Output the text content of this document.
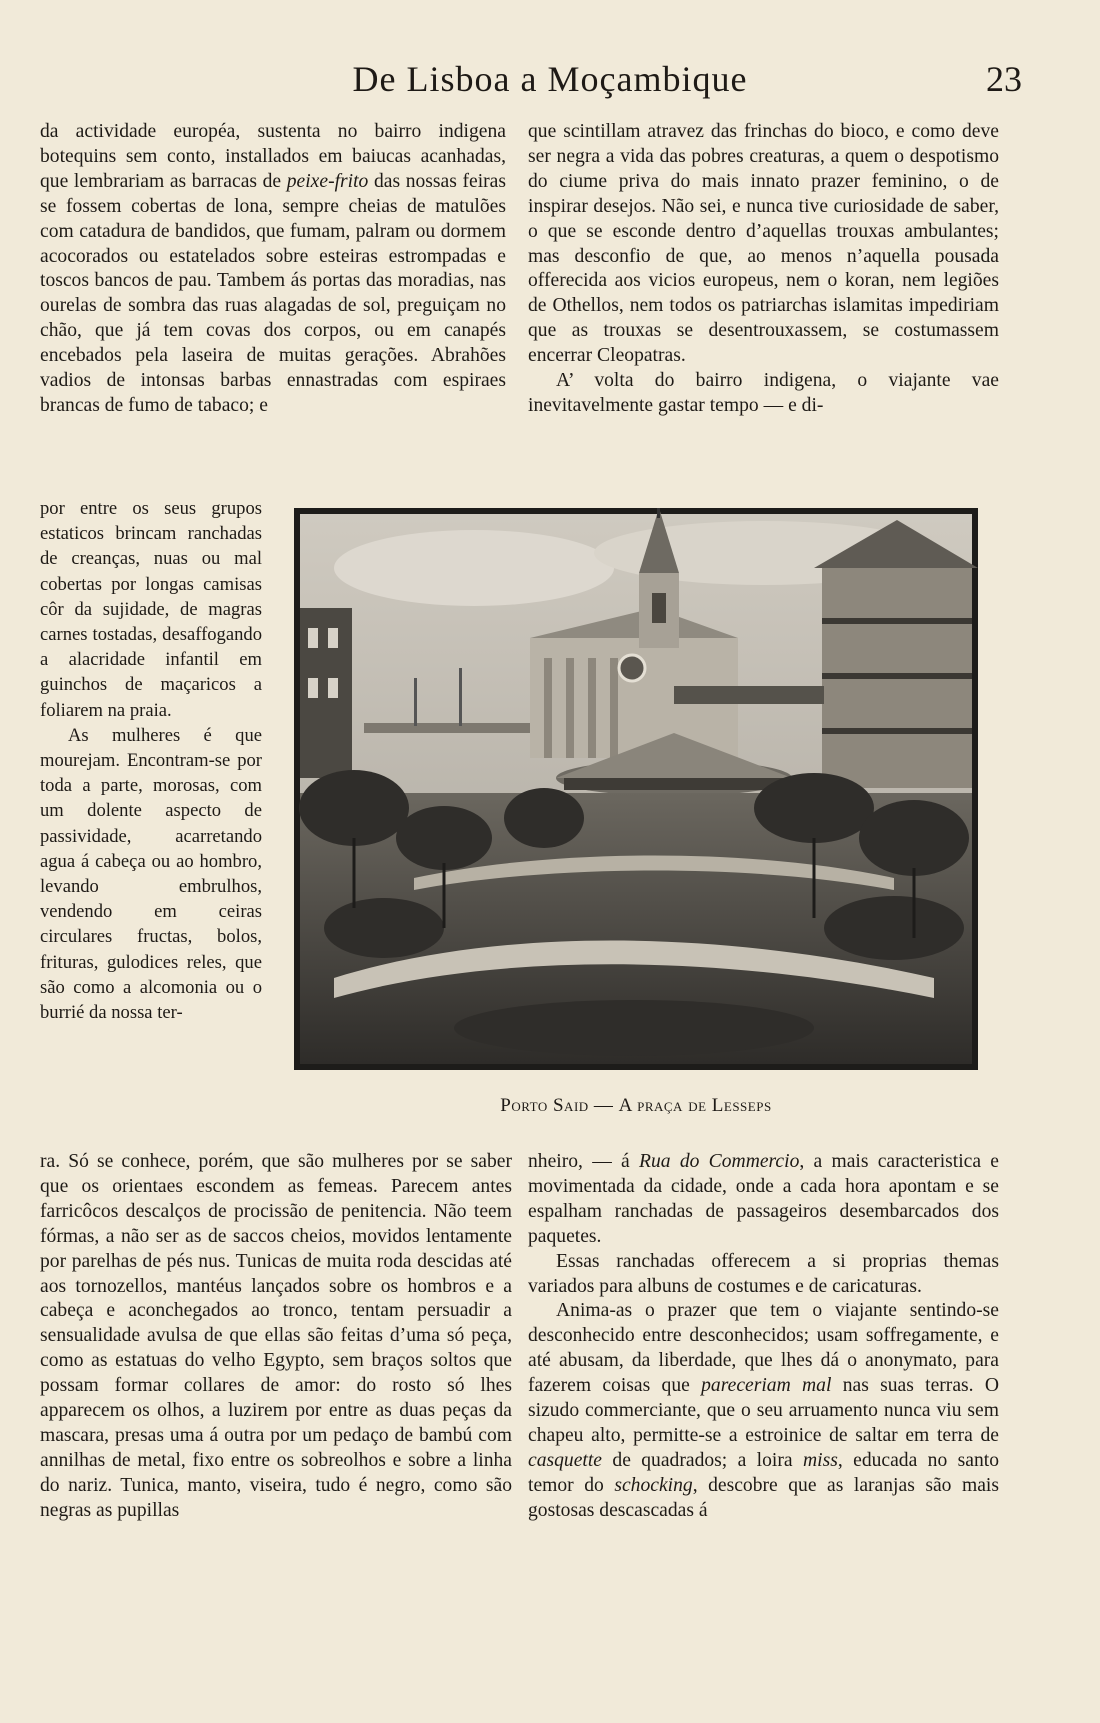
De Lisboa a Moçambique	23

da actividade européa, sustenta no bairro indigena botequins sem conto, installados em baiucas acanhadas, que lembrariam as barracas de peixe-frito das nossas feiras se fossem cobertas de lona, sempre cheias de matulões com catadura de bandidos, que fumam, palram ou dormem acocorados ou estatelados sobre esteiras estrompadas e toscos bancos de pau. Tambem ás portas das moradias, nas ourelas de sombra das ruas alagadas de sol, preguiçam no chão, que já tem covas dos corpos, ou em canapés encebados pela laseira de muitas gerações. Abrahões vadios de intonsas barbas ennastradas com espiraes brancas de fumo de tabaco; e

por entre os seus grupos estaticos brincam ranchadas de creanças, nuas ou mal cobertas por longas camisas côr da sujidade, de magras carnes tostadas, desaffogando a alacridade infantil em guinchos de maçaricos a foliarem na praia.

As mulheres é que mourejam. Encontram-se por toda a parte, morosas, com um dolente aspecto de passividade, acarretando agua á cabeça ou ao hombro, levando embrulhos, vendendo em ceiras circulares fructas, bolos, frituras, gulodices reles, que são como a alcomonia ou o burrié da nossa ter-

Porto Said — A praça de Lesseps

ra. Só se conhece, porém, que são mulheres por se saber que os orientaes escondem as femeas. Parecem antes farricôcos descalços de procissão de penitencia. Não teem fórmas, a não ser as de saccos cheios, movidos lentamente por parelhas de pés nus. Tunicas de muita roda descidas até aos tornozellos, mantéus lançados sobre os hombros e a cabeça e aconchegados ao tronco, tentam persuadir a sensualidade avulsa de que ellas são feitas d’uma só peça, como as estatuas do velho Egypto, sem braços soltos que possam formar collares de amor: do rosto só lhes apparecem os olhos, a luzirem por entre as duas peças da mascara, presas uma á outra por um pedaço de bambú com annilhas de metal, fixo entre os sobreolhos e sobre a linha do nariz. Tunica, manto, viseira, tudo é negro, como são negras as pupillas

que scintillam atravez das frinchas do bioco, e como deve ser negra a vida das pobres creaturas, a quem o despotismo do ciume priva do mais innato prazer feminino, o de inspirar desejos. Não sei, e nunca tive curiosidade de saber, o que se esconde dentro d’aquellas trouxas ambulantes; mas desconfio de que, ao menos n’aquella pousada offerecida aos vicios europeus, nem o koran, nem legiões de Othellos, nem todos os patriarchas islamitas impediriam que as trouxas se desentrouxassem, se costumassem encerrar Cleopatras.

A’ volta do bairro indigena, o viajante vae inevitavelmente gastar tempo — e di-

nheiro, — á Rua do Commercio, a mais caracteristica e movimentada da cidade, onde a cada hora apontam e se espalham ranchadas de passageiros desembarcados dos paquetes.

Essas ranchadas offerecem a si proprias themas variados para albuns de costumes e de caricaturas.

Anima-as o prazer que tem o viajante sentindo-se desconhecido entre desconhecidos; usam soffregamente, e até abusam, da liberdade, que lhes dá o anonymato, para fazerem coisas que pareceriam mal nas suas terras. O sizudo commerciante, que o seu arruamento nunca viu sem chapeu alto, permitte-se a estroinice de saltar em terra de casquette de quadrados; a loira miss, educada no santo temor do schocking, descobre que as laranjas são mais gostosas descascadas á
